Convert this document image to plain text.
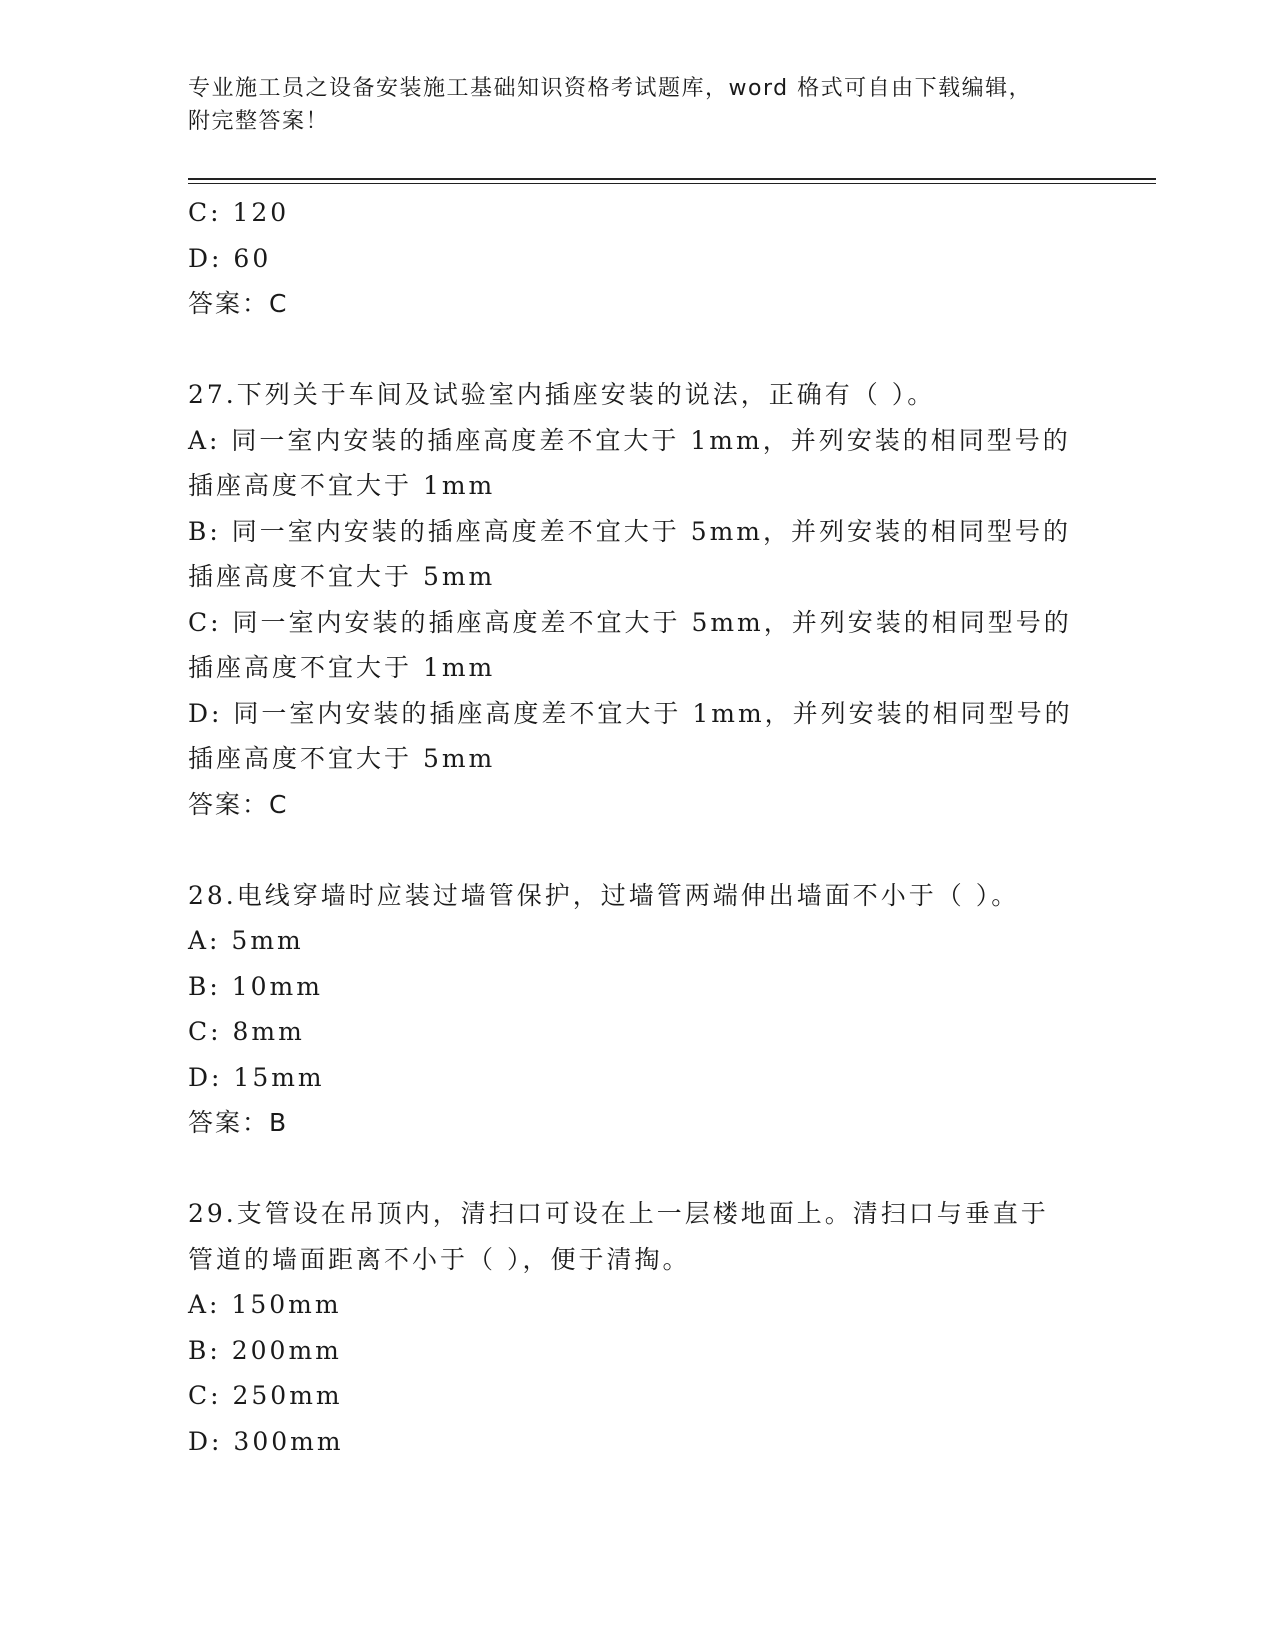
专业施工员之设备安装施工基础知识资格考试题库，word 格式可自由下载编辑，
附完整答案！
C: 120
D: 60
答案：C
27.下列关于车间及试验室内插座安装的说法，正确有（ ）。
A: 同一室内安装的插座高度差不宜大于 1mm，并列安装的相同型号的
插座高度不宜大于 1mm
B: 同一室内安装的插座高度差不宜大于 5mm，并列安装的相同型号的
插座高度不宜大于 5mm
C: 同一室内安装的插座高度差不宜大于 5mm，并列安装的相同型号的
插座高度不宜大于 1mm
D: 同一室内安装的插座高度差不宜大于 1mm，并列安装的相同型号的
插座高度不宜大于 5mm
答案：C
28.电线穿墙时应装过墙管保护，过墙管两端伸出墙面不小于（ ）。
A: 5mm
B: 10mm
C: 8mm
D: 15mm
答案：B
29.支管设在吊顶内，清扫口可设在上一层楼地面上。清扫口与垂直于
管道的墙面距离不小于（ ），便于清掏。
A: 150mm
B: 200mm
C: 250mm
D: 300mm
